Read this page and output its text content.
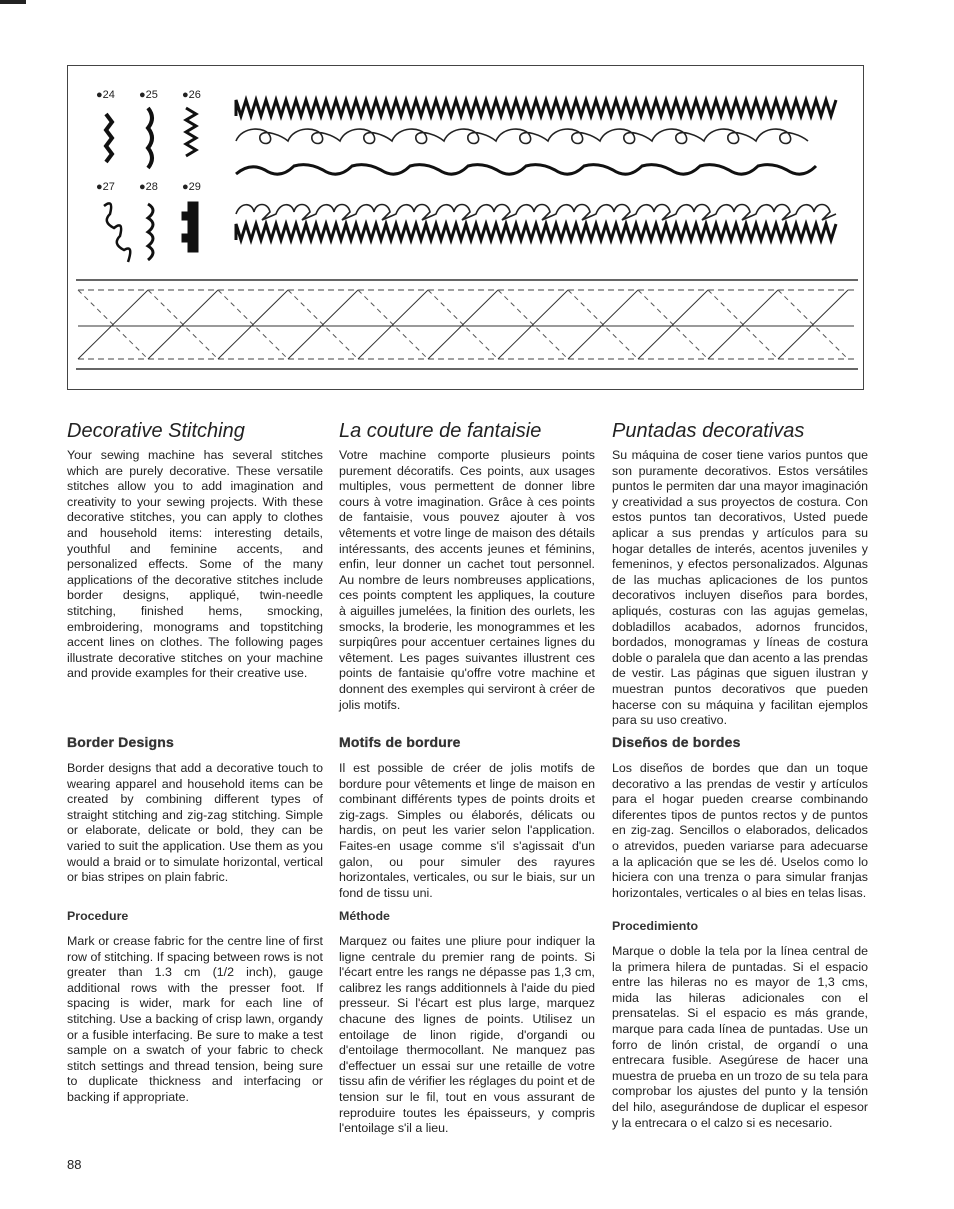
●24 ●25 ●26
●27 ●28 ●29
Decorative Stitching

Your sewing machine has several stitches which are purely decorative. These versatile stitches allow you to add imagination and creativity to your sewing projects. With these decorative stitches, you can apply to clothes and household items: interesting details, youthful and feminine accents, and personalized effects. Some of the many applications of the decorative stitches include border designs, appliqué, twin-needle stitching, finished hems, smocking, embroidering, monograms and topstitching accent lines on clothes. The following pages illustrate decorative stitches on your machine and provide examples for their creative use.

Border Designs

Border designs that add a decorative touch to wearing apparel and household items can be created by combining different types of straight stitching and zig-zag stitching. Simple or elaborate, delicate or bold, they can be varied to suit the application. Use them as you would a braid or to simulate horizontal, vertical or bias stripes on plain fabric.

Procedure

Mark or crease fabric for the centre line of first row of stitching. If spacing between rows is not greater than 1.3 cm (1/2 inch), gauge additional rows with the presser foot. If spacing is wider, mark for each line of stitching. Use a backing of crisp lawn, organdy or a fusible interfacing. Be sure to make a test sample on a swatch of your fabric to check stitch settings and thread tension, being sure to duplicate thickness and interfacing or backing if appropriate.

La couture de fantaisie

Votre machine comporte plusieurs points purement décoratifs. Ces points, aux usages multiples, vous permettent de donner libre cours à votre imagination. Grâce à ces points de fantaisie, vous pouvez ajouter à vos vêtements et votre linge de maison des détails intéressants, des accents jeunes et féminins, enfin, leur donner un cachet tout personnel. Au nombre de leurs nombreuses applications, ces points comptent les appliques, la couture à aiguilles jumelées, la finition des ourlets, les smocks, la broderie, les monogrammes et les surpiqûres pour accentuer certaines lignes du vêtement. Les pages suivantes illustrent ces points de fantaisie qu'offre votre machine et donnent des exemples qui serviront à créer de jolis motifs.

Motifs de bordure

Il est possible de créer de jolis motifs de bordure pour vêtements et linge de maison en combinant différents types de points droits et zig-zags. Simples ou élaborés, délicats ou hardis, on peut les varier selon l'application. Faites-en usage comme s'il s'agissait d'un galon, ou pour simuler des rayures horizontales, verticales, ou sur le biais, sur un fond de tissu uni.

Méthode

Marquez ou faites une pliure pour indiquer la ligne centrale du premier rang de points. Si l'écart entre les rangs ne dépasse pas 1,3 cm, calibrez les rangs additionnels à l'aide du pied presseur. Si l'écart est plus large, marquez chacune des lignes de points. Utilisez un entoilage de linon rigide, d'organdi ou d'entoilage thermocollant. Ne manquez pas d'effectuer un essai sur une retaille de votre tissu afin de vérifier les réglages du point et de tension sur le fil, tout en vous assurant de reproduire toutes les épaisseurs, y compris l'entoilage s'il a lieu.

Puntadas decorativas

Su máquina de coser tiene varios puntos que son puramente decorativos. Estos versátiles puntos le permiten dar una mayor imaginación y creatividad a sus proyectos de costura. Con estos puntos tan decorativos, Usted puede aplicar a sus prendas y artículos para su hogar detalles de interés, acentos juveniles y femeninos, y efectos personalizados. Algunas de las muchas aplicaciones de los puntos decorativos incluyen diseños para bordes, apliqués, costuras con las agujas gemelas, dobladillos acabados, adornos fruncidos, bordados, monogramas y líneas de costura doble o paralela que dan acento a las prendas de vestir. Las páginas que siguen ilustran y muestran puntos decorativos que pueden hacerse con su máquina y facilitan ejemplos para su uso creativo.

Diseños de bordes

Los diseños de bordes que dan un toque decorativo a las prendas de vestir y artículos para el hogar pueden crearse combinando diferentes tipos de puntos rectos y de puntos en zig-zag. Sencillos o elaborados, delicados o atrevidos, pueden variarse para adecuarse a la aplicación que se les dé. Uselos como lo hiciera con una trenza o para simular franjas horizontales, verticales o al bies en telas lisas.

Procedimiento

Marque o doble la tela por la línea central de la primera hilera de puntadas. Si el espacio entre las hileras no es mayor de 1,3 cms, mida las hileras adicionales con el prensatelas. Si el espacio es más grande, marque para cada línea de puntadas. Use un forro de linón cristal, de organdí o una entrecara fusible. Asegúrese de hacer una muestra de prueba en un trozo de su tela para comprobar los ajustes del punto y la tensión del hilo, asegurándose de duplicar el espesor y la entrecara o el calzo si es necesario.

88
